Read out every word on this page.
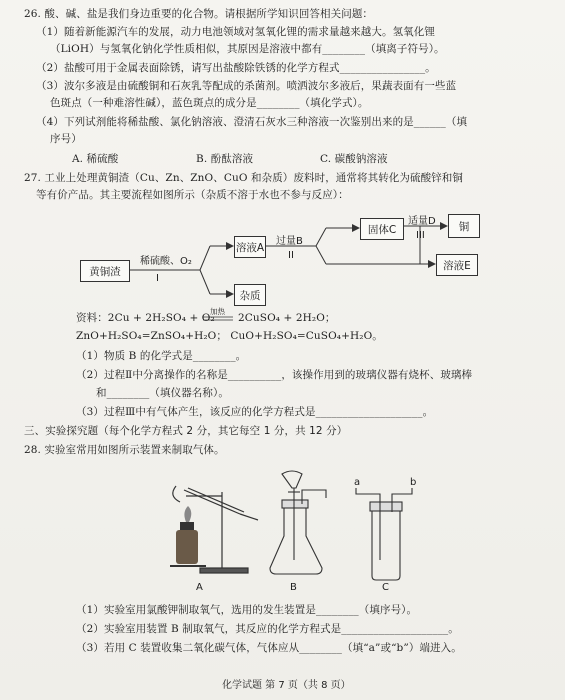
26. 酸、碱、盐是我们身边重要的化合物。请根据所学知识回答相关问题：
（1）随着新能源汽车的发展，动力电池领域对氢氧化锂的需求量越来越大。氢氧化锂
（LiOH）与氢氧化钠化学性质相似，其原因是溶液中都有________（填离子符号）。
（2）盐酸可用于金属表面除锈，请写出盐酸除铁锈的化学方程式________________。
（3）波尔多液是由硫酸铜和石灰乳等配成的杀菌剂。喷洒波尔多液后，果蔬表面有一些蓝
色斑点（一种难溶性碱），蓝色斑点的成分是________（填化学式）。
（4）下列试剂能将稀盐酸、氯化钠溶液、澄清石灰水三种溶液一次鉴别出来的是______（填
序号）
A. 稀硫酸	B. 酚酞溶液	C. 碳酸钠溶液
27. 工业上处理黄铜渣（Cu、Zn、ZnO、CuO 和杂质）废料时，通常将其转化为硫酸锌和铜
等有价产品。其主要流程如图所示（杂质不溶于水也不参与反应）：
黄铜渣
稀硫酸、O₂
I
溶液A
杂质
过量B
II
固体C
适量D
III
铜
溶液E
资料：2Cu + 2H₂SO₄ + O₂
加热
2CuSO₄ + 2H₂O；
ZnO+H₂SO₄=ZnSO₄+H₂O； CuO+H₂SO₄=CuSO₄+H₂O。
（1）物质 B 的化学式是________。
（2）过程Ⅱ中分离操作的名称是__________，该操作用到的玻璃仪器有烧杯、玻璃棒
和________（填仪器名称）。
（3）过程Ⅲ中有气体产生，该反应的化学方程式是____________________。
三、实验探究题（每个化学方程式 2 分，其它每空 1 分，共 12 分）
28. 实验室常用如图所示装置来制取气体。
a	b
A	B	C
（1）实验室用氯酸钾制取氧气，选用的发生装置是________（填序号）。
（2）实验室用装置 B 制取氧气，其反应的化学方程式是____________________。
（3）若用 C 装置收集二氧化碳气体，气体应从________（填“a”或“b”）端进入。
化学试题 第 7 页（共 8 页）
